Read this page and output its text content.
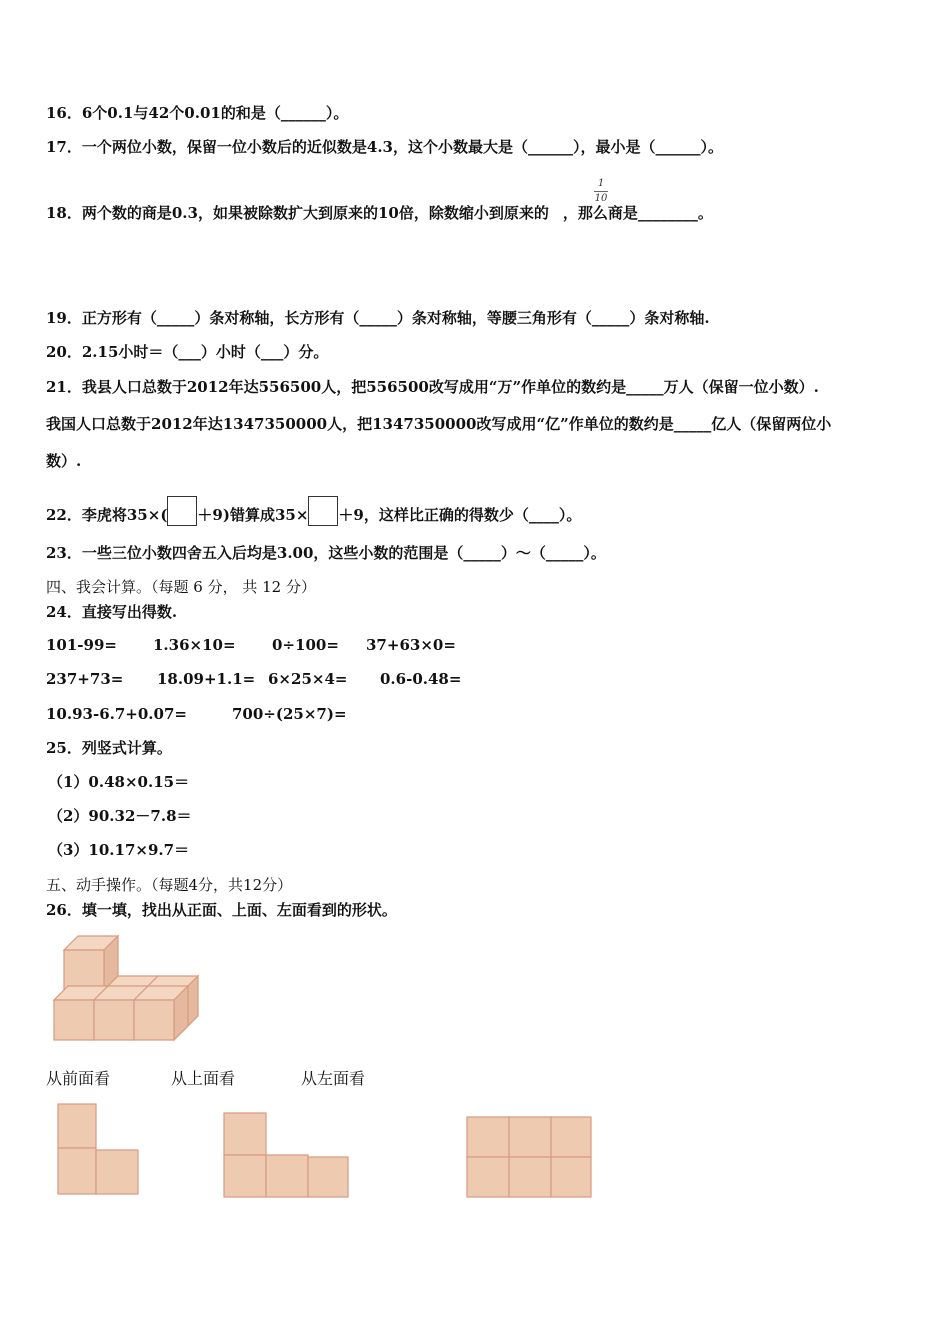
16．6个0.1与42个0.01的和是（______）。
17．一个两位小数，保留一位小数后的近似数是4.3，这个小数最大是（______），最小是（______）。
18．两个数的商是0.3，如果被除数扩大到原来的10倍，除数缩小到原来的 ，那么商是________。
1
10
19．正方形有（_____）条对称轴，长方形有（_____）条对称轴，等腰三角形有（_____）条对称轴.
20．2.15小时＝（___）小时（___）分。
21．我县人口总数于2012年达556500人，把556500改写成用“万”作单位的数约是_____万人（保留一位小数）.
我国人口总数于2012年达1347350000人，把1347350000改写成用“亿”作单位的数约是_____亿人（保留两位小
数）.
22．李虎将35×( ＋9)错算成35× ＋9，这样比正确的得数少（____）。
23．一些三位小数四舍五入后均是3.00，这些小数的范围是（_____）～（_____）。
四、我会计算。（每题 6 分， 共 12 分）
24．直接写出得数.
101-99= 1.36×10= 0÷100= 37+63×0=
237+73= 18.09+1.1= 6×25×4= 0.6-0.48=
10.93-6.7+0.07=	700÷(25×7)=
25．列竖式计算。
（1）0.48×0.15＝
（2）90.32－7.8＝
（3）10.17×9.7＝
五、动手操作。（每题4分，共12分）
26．填一填，找出从正面、上面、左面看到的形状。
从前面看	从上面看	从左面看
